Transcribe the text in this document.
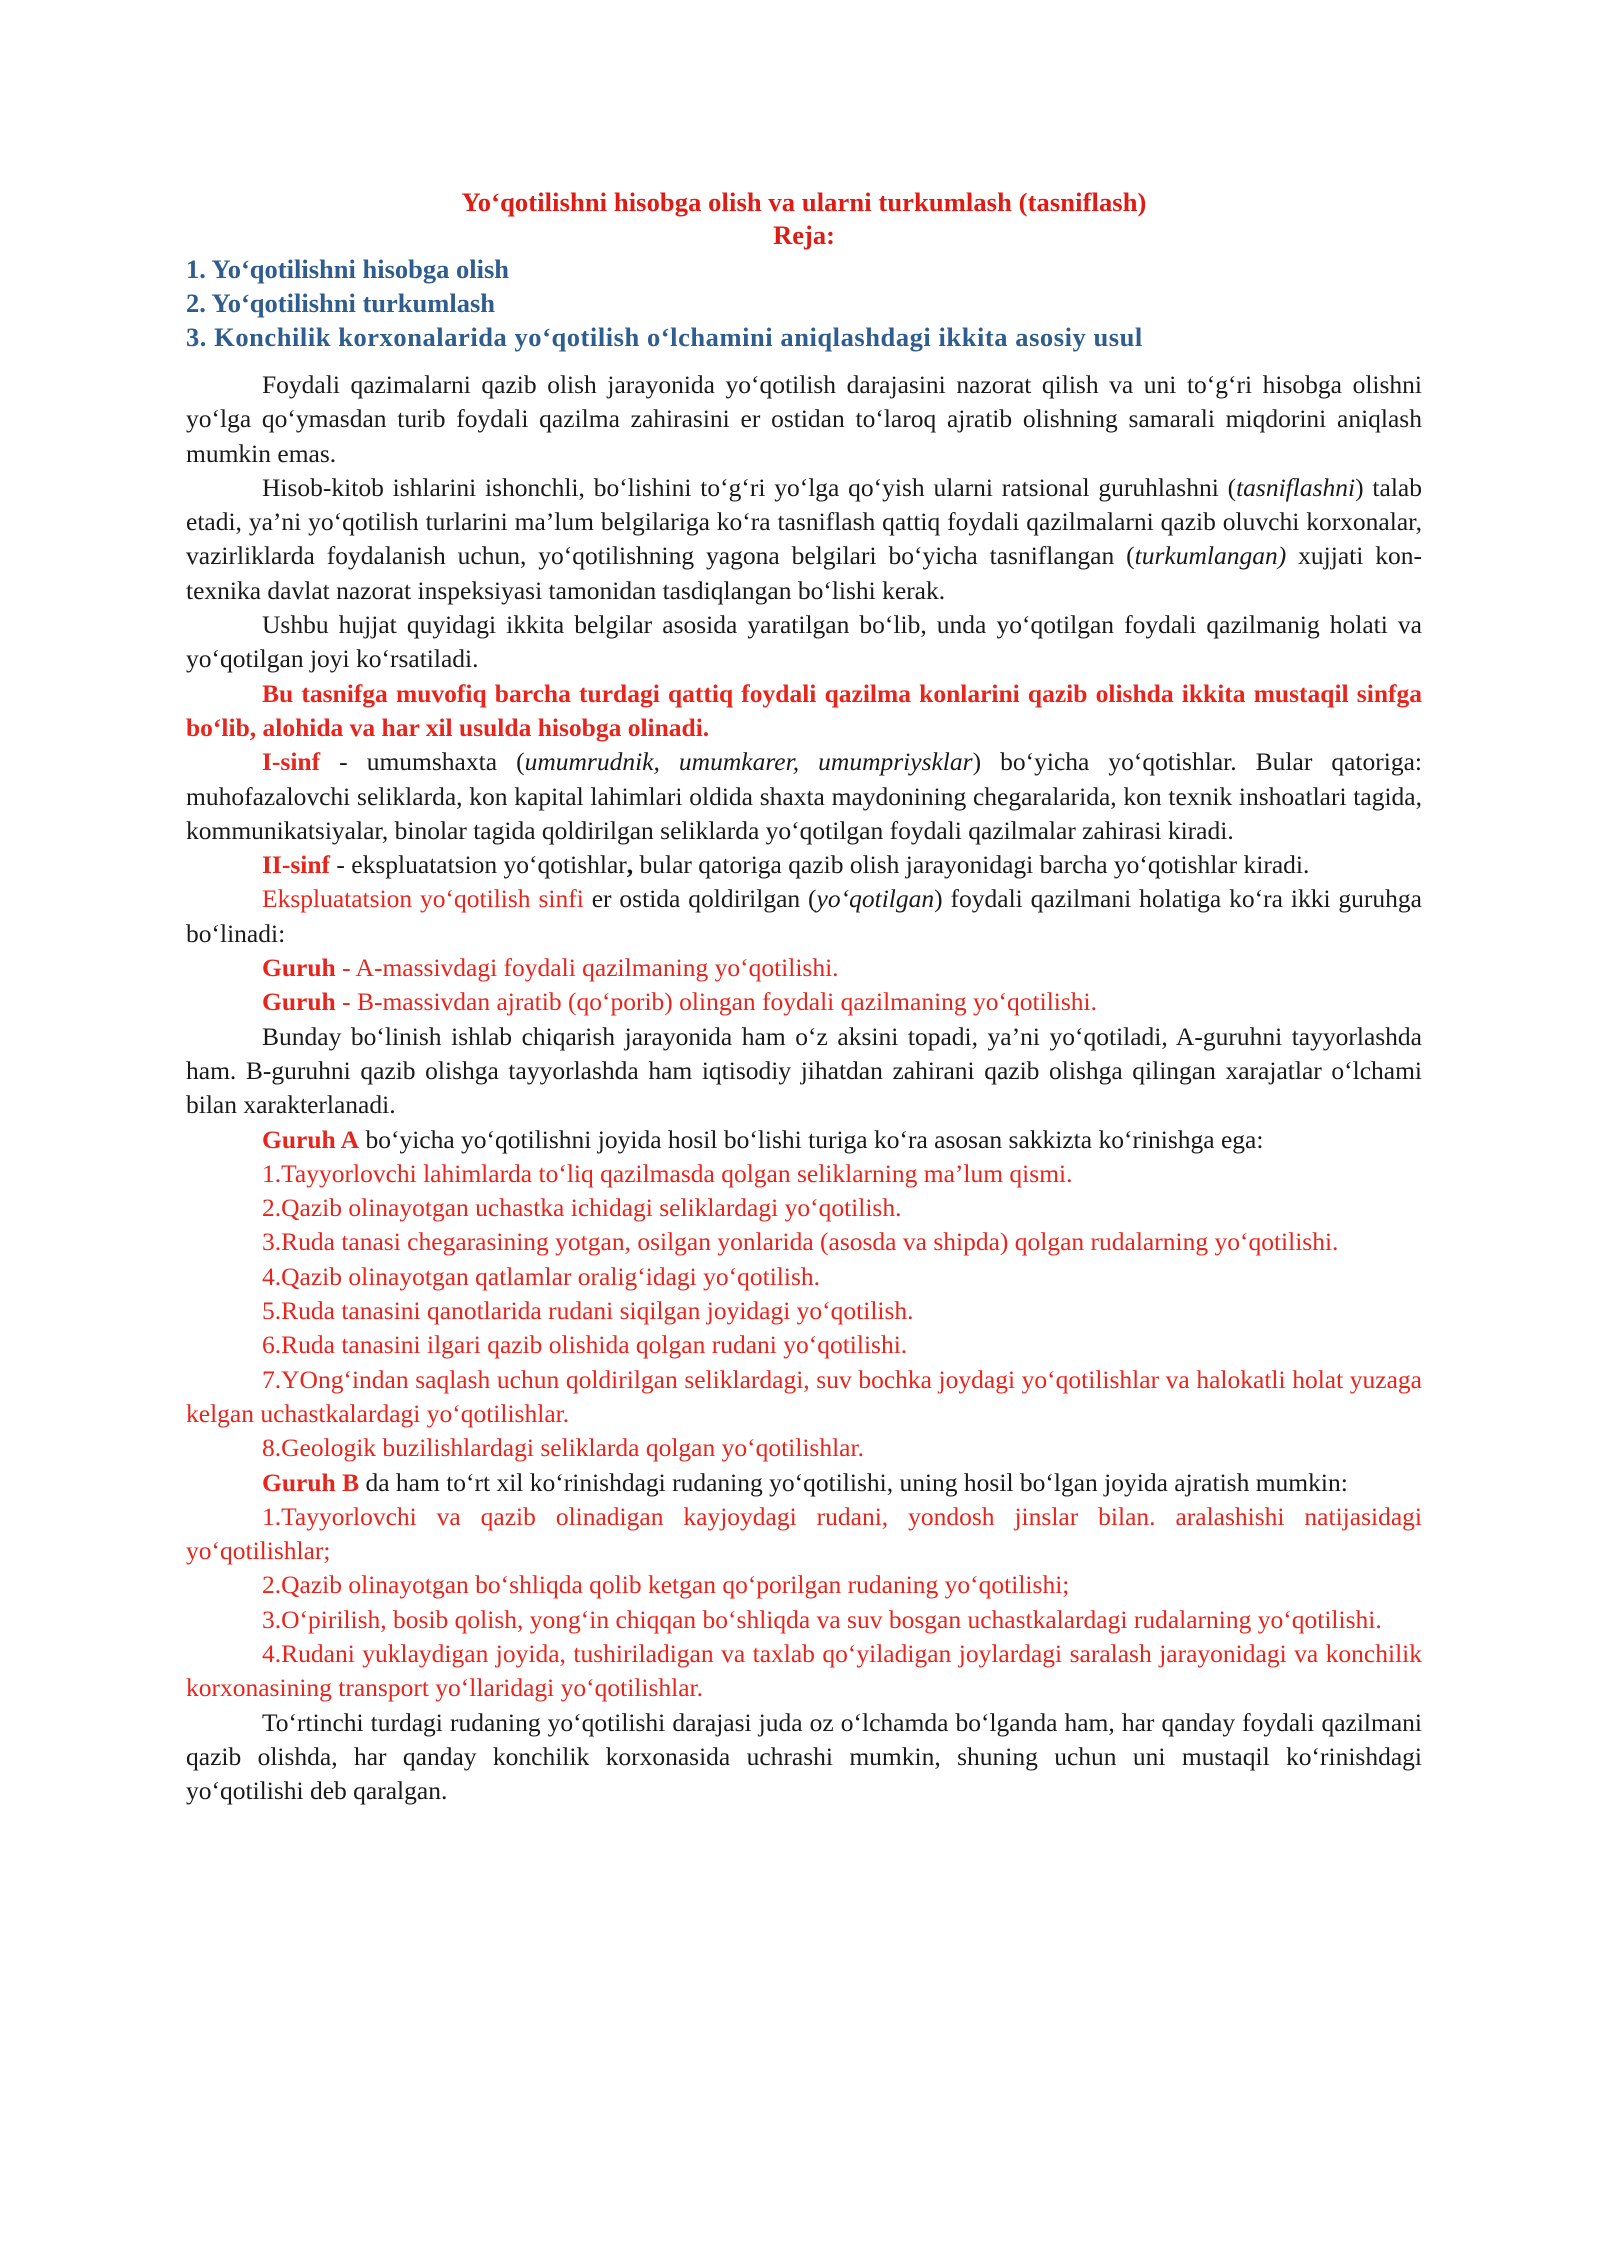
Yo‘qotilishni hisobga olish va ularni turkumlash (tasniflash)
Reja:
1. Yo‘qotilishni hisobga olish
2. Yo‘qotilishni turkumlash
3. Konchilik korxonalarida yo‘qotilish o‘lchamini aniqlashdagi ikkita asosiy usul

Foydali qazimalarni qazib olish jarayonida yo‘qotilish darajasini nazorat qilish va uni to‘g‘ri hisobga olishni yo‘lga qo‘ymasdan turib foydali qazilma zahirasini er ostidan to‘laroq ajratib olishning samarali miqdorini aniqlash mumkin emas.

Hisob-kitob ishlarini ishonchli, bo‘lishini to‘g‘ri yo‘lga qo‘yish ularni ratsional guruhlashni (tasniflashni) talab etadi, ya’ni yo‘qotilish turlarini ma’lum belgilariga ko‘ra tasniflash qattiq foydali qazilmalarni qazib oluvchi korxonalar, vazirliklarda foydalanish uchun, yo‘qotilishning yagona belgilari bo‘yicha tasniflangan (turkumlangan) xujjati kon-texnika davlat nazorat inspeksiyasi tamonidan tasdiqlangan bo‘lishi kerak.

Ushbu hujjat quyidagi ikkita belgilar asosida yaratilgan bo‘lib, unda yo‘qotilgan foydali qazilmanig holati va yo‘qotilgan joyi ko‘rsatiladi.

Bu tasnifga muvofiq barcha turdagi qattiq foydali qazilma konlarini qazib olishda ikkita mustaqil sinfga bo‘lib, alohida va har xil usulda hisobga olinadi.

I-sinf - umumshaxta (umumrudnik, umumkarer, umumpriysklar) bo‘yicha yo‘qotishlar. Bular qatoriga: muhofazalovchi seliklarda, kon kapital lahimlari oldida shaxta maydonining chegaralarida, kon texnik inshoatlari tagida, kommunikatsiyalar, binolar tagida qoldirilgan seliklarda yo‘qotilgan foydali qazilmalar zahirasi kiradi.

II-sinf - ekspluatatsion yo‘qotishlar, bular qatoriga qazib olish jarayonidagi barcha yo‘qotishlar kiradi.

Ekspluatatsion yo‘qotilish sinfi er ostida qoldirilgan (yo‘qotilgan) foydali qazilmani holatiga ko‘ra ikki guruhga bo‘linadi:

Guruh - A-massivdagi foydali qazilmaning yo‘qotilishi.

Guruh - B-massivdan ajratib (qo‘porib) olingan foydali qazilmaning yo‘qotilishi.

Bunday bo‘linish ishlab chiqarish jarayonida ham o‘z aksini topadi, ya’ni yo‘qotiladi, A-guruhni tayyorlashda ham. B-guruhni qazib olishga tayyorlashda ham iqtisodiy jihatdan zahirani qazib olishga qilingan xarajatlar o‘lchami bilan xarakterlanadi.

Guruh A bo‘yicha yo‘qotilishni joyida hosil bo‘lishi turiga ko‘ra asosan sakkizta ko‘rinishga ega:

1.Tayyorlovchi lahimlarda to‘liq qazilmasda qolgan seliklarning ma’lum qismi.

2.Qazib olinayotgan uchastka ichidagi seliklardagi yo‘qotilish.

3.Ruda tanasi chegarasining yotgan, osilgan yonlarida (asosda va shipda) qolgan rudalarning yo‘qotilishi.

4.Qazib olinayotgan qatlamlar oralig‘idagi yo‘qotilish.

5.Ruda tanasini qanotlarida rudani siqilgan joyidagi yo‘qotilish.

6.Ruda tanasini ilgari qazib olishida qolgan rudani yo‘qotilishi.

7.YOng‘indan saqlash uchun qoldirilgan seliklardagi, suv bochka joydagi yo‘qotilishlar va halokatli holat yuzaga kelgan uchastkalardagi yo‘qotilishlar.

8.Geologik buzilishlardagi seliklarda qolgan yo‘qotilishlar.

Guruh B da ham to‘rt xil ko‘rinishdagi rudaning yo‘qotilishi, uning hosil bo‘lgan joyida ajratish mumkin:

1.Tayyorlovchi va qazib olinadigan kayjoydagi rudani, yondosh jinslar bilan. aralashishi natijasidagi yo‘qotilishlar;

2.Qazib olinayotgan bo‘shliqda qolib ketgan qo‘porilgan rudaning yo‘qotilishi;

3.O‘pirilish, bosib qolish, yong‘in chiqqan bo‘shliqda va suv bosgan uchastkalardagi rudalarning yo‘qotilishi.

4.Rudani yuklaydigan joyida, tushiriladigan va taxlab qo‘yiladigan joylardagi saralash jarayonidagi va konchilik korxonasining transport yo‘llaridagi yo‘qotilishlar.

To‘rtinchi turdagi rudaning yo‘qotilishi darajasi juda oz o‘lchamda bo‘lganda ham, har qanday foydali qazilmani qazib olishda, har qanday konchilik korxonasida uchrashi mumkin, shuning uchun uni mustaqil ko‘rinishdagi yo‘qotilishi deb qaralgan.
